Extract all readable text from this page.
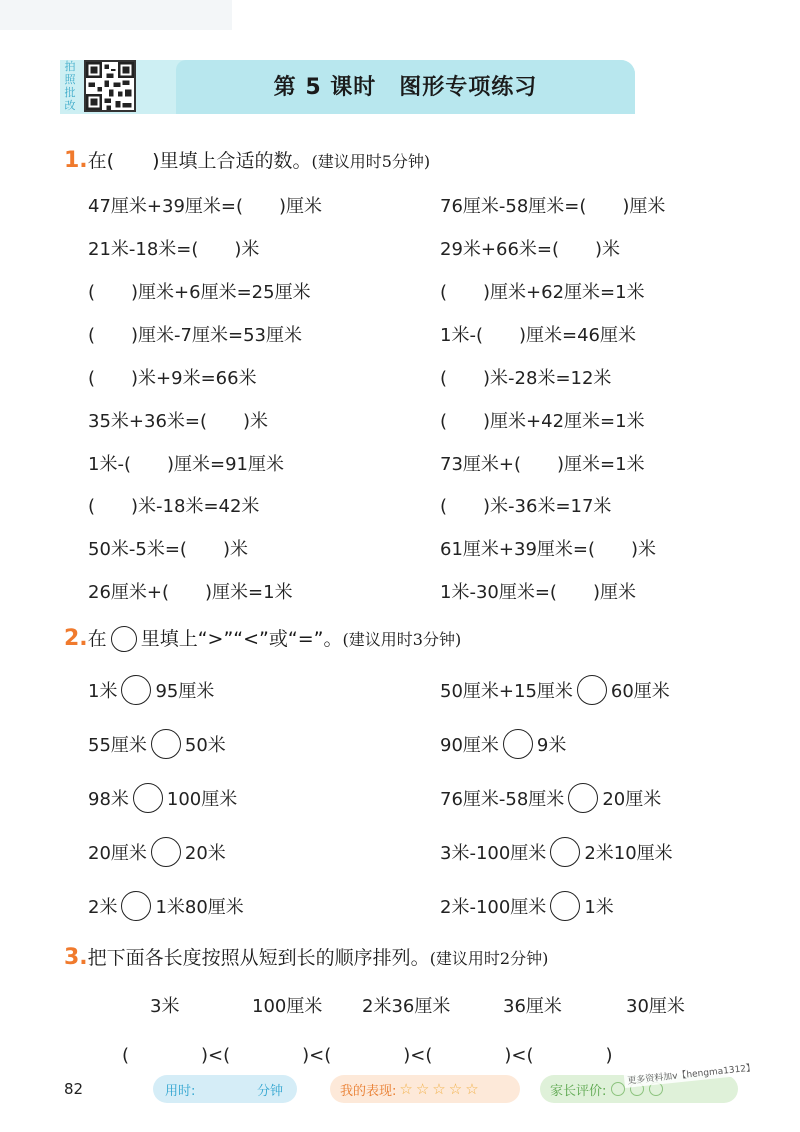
拍照批改
第 5 课时　图形专项练习
1.在(　　)里填上合适的数。(建议用时5分钟)
47厘米+39厘米=(　　)厘米	76厘米-58厘米=(　　)厘米
21米-18米=(　　)米	29米+66米=(　　)米
(　　)厘米+6厘米=25厘米	(　　)厘米+62厘米=1米
(　　)厘米-7厘米=53厘米	1米-(　　)厘米=46厘米
(　　)米+9米=66米	(　　)米-28米=12米
35米+36米=(　　)米	(　　)厘米+42厘米=1米
1米-(　　)厘米=91厘米	73厘米+(　　)厘米=1米
(　　)米-18米=42米	(　　)米-36米=17米
50米-5米=(　　)米	61厘米+39厘米=(　　)米
26厘米+(　　)厘米=1米	1米-30厘米=(　　)厘米
2.在 里填上“>”“<”或“=”。(建议用时3分钟)
1米 95厘米	50厘米+15厘米 60厘米
55厘米 50米	90厘米 9米
98米 100厘米	76厘米-58厘米 20厘米
20厘米 20米	3米-100厘米 2米10厘米
2米 1米80厘米	2米-100厘米 1米
3.把下面各长度按照从短到长的顺序排列。(建议用时2分钟)
3米	100厘米 2米36厘米	36厘米	30厘米
(　　　　)<(　　　　)<(　　　　)<(　　　　)<(　　　　)
82	用时:	分钟	我的表现: ☆ ☆ ☆ ☆ ☆	家长评价:
更多资料加v【hengma1312】
